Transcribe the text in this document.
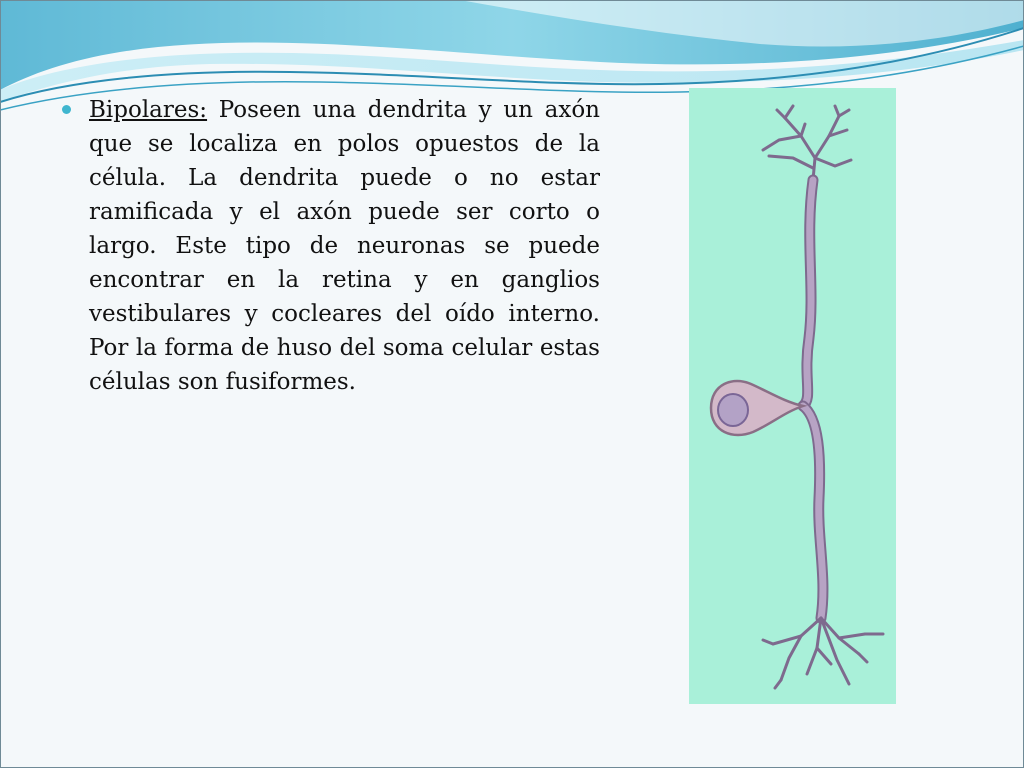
Bipolares: Poseen una dendrita y un axón que se localiza en polos opuestos de la célula. La dendrita puede o no estar ramificada y el axón puede ser corto o largo. Este tipo de neuronas se puede encontrar en la retina y en ganglios vestibulares y cocleares del oído interno. Por la forma de huso del soma celular estas células son fusiformes.
